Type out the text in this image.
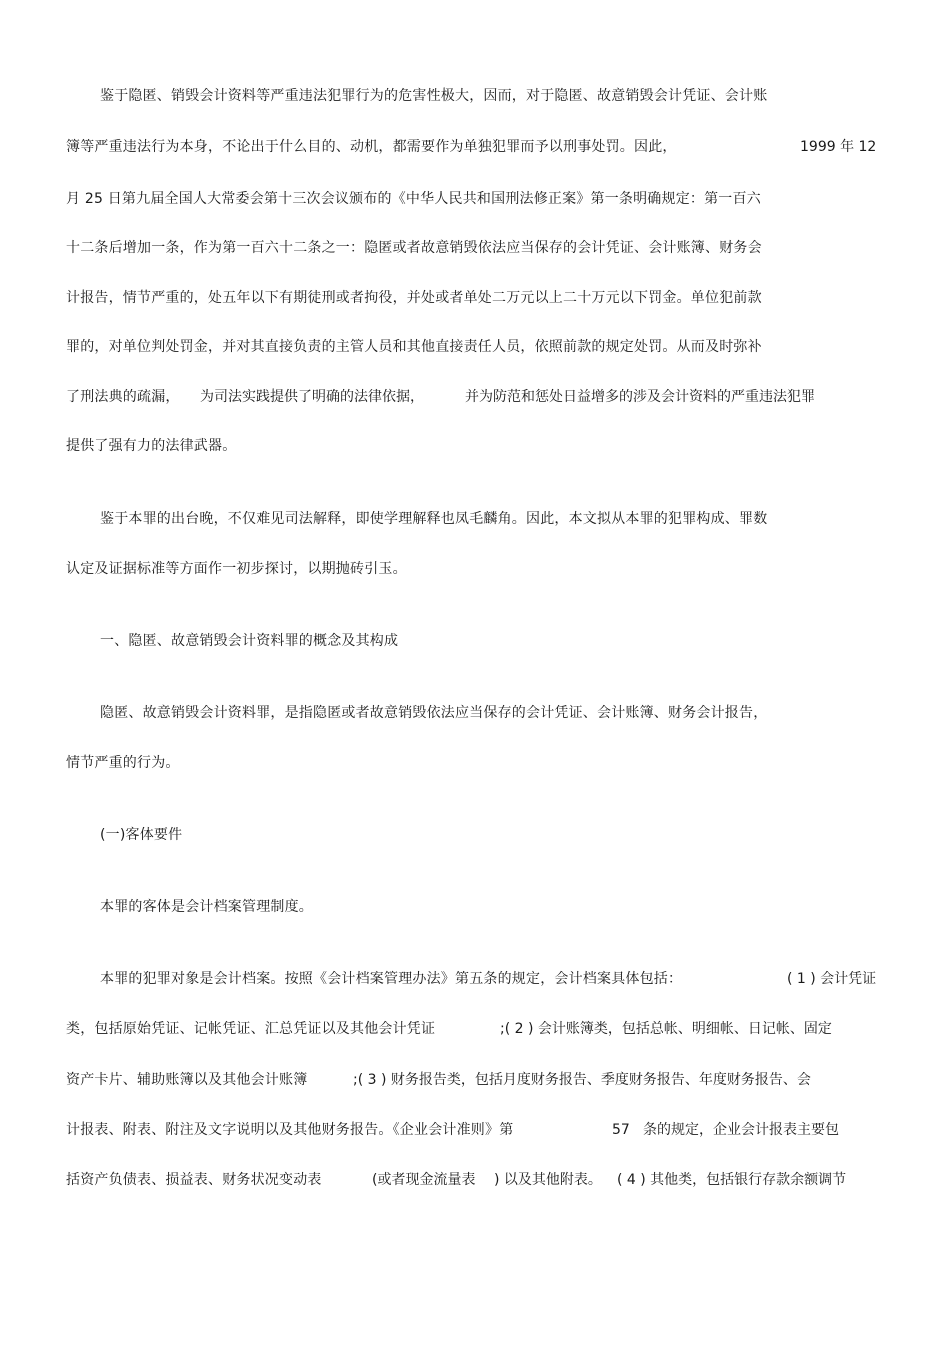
鉴于隐匿、销毁会计资料等严重违法犯罪行为的危害性极大，因而，对于隐匿、故意销毁会计凭证、会计账
簿等严重违法行为本身，不论出于什么目的、动机，都需要作为单独犯罪而予以刑事处罚。因此，	1999 年 12
月 25 日第九届全国人大常委会第十三次会议颁布的《中华人民共和国刑法修正案》第一条明确规定：第一百六
十二条后增加一条，作为第一百六十二条之一：隐匿或者故意销毁依法应当保存的会计凭证、会计账簿、财务会
计报告，情节严重的，处五年以下有期徒刑或者拘役，并处或者单处二万元以上二十万元以下罚金。单位犯前款
罪的，对单位判处罚金，并对其直接负责的主管人员和其他直接责任人员，依照前款的规定处罚。从而及时弥补
了刑法典的疏漏， 为司法实践提供了明确的法律依据，	并为防范和惩处日益增多的涉及会计资料的严重违法犯罪
提供了强有力的法律武器。
鉴于本罪的出台晚，不仅难见司法解释，即使学理解释也凤毛麟角。因此，本文拟从本罪的犯罪构成、罪数
认定及证据标准等方面作一初步探讨，以期抛砖引玉。
一、隐匿、故意销毁会计资料罪的概念及其构成
隐匿、故意销毁会计资料罪，是指隐匿或者故意销毁依法应当保存的会计凭证、会计账簿、财务会计报告，
情节严重的行为。
(一)客体要件
本罪的客体是会计档案管理制度。
本罪的犯罪对象是会计档案。按照《会计档案管理办法》第五条的规定，会计档案具体包括：	( 1 ) 会计凭证
类，包括原始凭证、记帐凭证、汇总凭证以及其他会计凭证	;( 2 ) 会计账簿类，包括总帐、明细帐、日记帐、固定
资产卡片、辅助账簿以及其他会计账簿	;( 3 ) 财务报告类，包括月度财务报告、季度财务报告、年度财务报告、会
计报表、附表、附注及文字说明以及其他财务报告。《企业会计准则》第	57 条的规定，企业会计报表主要包
括资产负债表、损益表、财务状况变动表	(或者现金流量表 ) 以及其他附表。 ( 4 ) 其他类，包括银行存款余额调节
